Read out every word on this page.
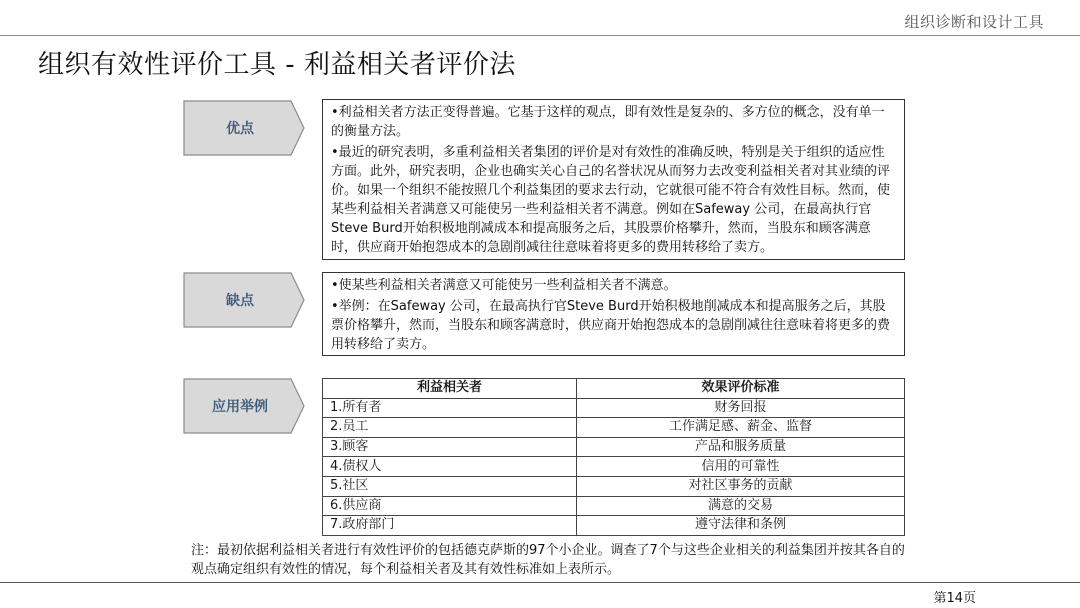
组织诊断和设计工具
组织有效性评价工具 - 利益相关者评价法
优点

•利益相关者方法正变得普遍。它基于这样的观点，即有效性是复杂的、多方位的概念，没有单一的衡量方法。

•最近的研究表明，多重利益相关者集团的评价是对有效性的准确反映，特别是关于组织的适应性方面。此外，研究表明，企业也确实关心自己的名誉状况从而努力去改变利益相关者对其业绩的评价。如果一个组织不能按照几个利益集团的要求去行动，它就很可能不符合有效性目标。然而，使某些利益相关者满意又可能使另一些利益相关者不满意。例如在Safeway 公司，在最高执行官Steve Burd开始积极地削减成本和提高服务之后，其股票价格攀升，然而，当股东和顾客满意时，供应商开始抱怨成本的急剧削减往往意味着将更多的费用转移给了卖方。

缺点

•使某些利益相关者满意又可能使另一些利益相关者不满意。

•举例：在Safeway 公司，在最高执行官Steve Burd开始积极地削减成本和提高服务之后，其股票价格攀升，然而，当股东和顾客满意时，供应商开始抱怨成本的急剧削减往往意味着将更多的费用转移给了卖方。

应用举例
利益相关者	效果评价标准
1.所有者	财务回报
2.员工	工作满足感、薪金、监督
3.顾客	产品和服务质量
4.债权人	信用的可靠性
5.社区	对社区事务的贡献
6.供应商	满意的交易
7.政府部门	遵守法律和条例
注：最初依据利益相关者进行有效性评价的包括德克萨斯的97个小企业。调查了7个与这些企业相关的利益集团并按其各自的观点确定组织有效性的情况，每个利益相关者及其有效性标准如上表所示。
第14页
